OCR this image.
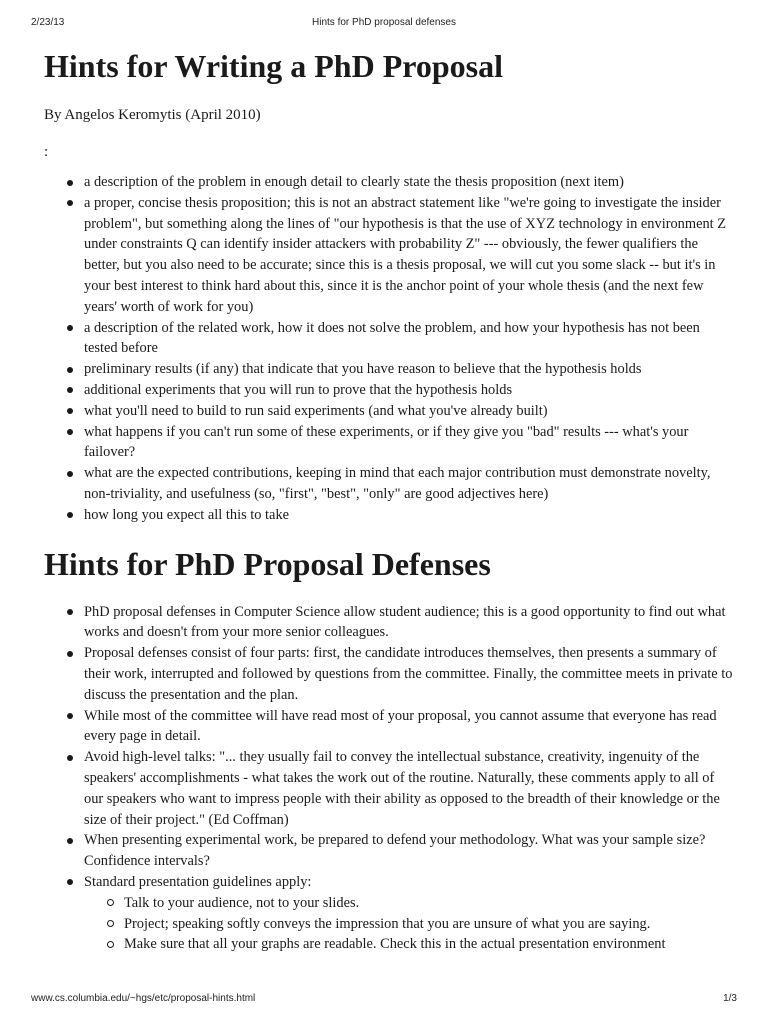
2/23/13	Hints for PhD proposal defenses
Hints for Writing a PhD Proposal
By Angelos Keromytis (April 2010)
:
a description of the problem in enough detail to clearly state the thesis proposition (next item)
a proper, concise thesis proposition; this is not an abstract statement like "we're going to investigate the insider problem", but something along the lines of "our hypothesis is that the use of XYZ technology in environment Z under constraints Q can identify insider attackers with probability Z" --- obviously, the fewer qualifiers the better, but you also need to be accurate; since this is a thesis proposal, we will cut you some slack -- but it's in your best interest to think hard about this, since it is the anchor point of your whole thesis (and the next few years' worth of work for you)
a description of the related work, how it does not solve the problem, and how your hypothesis has not been tested before
preliminary results (if any) that indicate that you have reason to believe that the hypothesis holds
additional experiments that you will run to prove that the hypothesis holds
what you'll need to build to run said experiments (and what you've already built)
what happens if you can't run some of these experiments, or if they give you "bad" results --- what's your failover?
what are the expected contributions, keeping in mind that each major contribution must demonstrate novelty, non-triviality, and usefulness (so, "first", "best", "only" are good adjectives here)
how long you expect all this to take
Hints for PhD Proposal Defenses
PhD proposal defenses in Computer Science allow student audience; this is a good opportunity to find out what works and doesn't from your more senior colleagues.
Proposal defenses consist of four parts: first, the candidate introduces themselves, then presents a summary of their work, interrupted and followed by questions from the committee. Finally, the committee meets in private to discuss the presentation and the plan.
While most of the committee will have read most of your proposal, you cannot assume that everyone has read every page in detail.
Avoid high-level talks: "... they usually fail to convey the intellectual substance, creativity, ingenuity of the speakers' accomplishments - what takes the work out of the routine. Naturally, these comments apply to all of our speakers who want to impress people with their ability as opposed to the breadth of their knowledge or the size of their project." (Ed Coffman)
When presenting experimental work, be prepared to defend your methodology. What was your sample size? Confidence intervals?
Standard presentation guidelines apply:
Talk to your audience, not to your slides.
Project; speaking softly conveys the impression that you are unsure of what you are saying.
Make sure that all your graphs are readable. Check this in the actual presentation environment
www.cs.columbia.edu/~hgs/etc/proposal-hints.html	1/3
